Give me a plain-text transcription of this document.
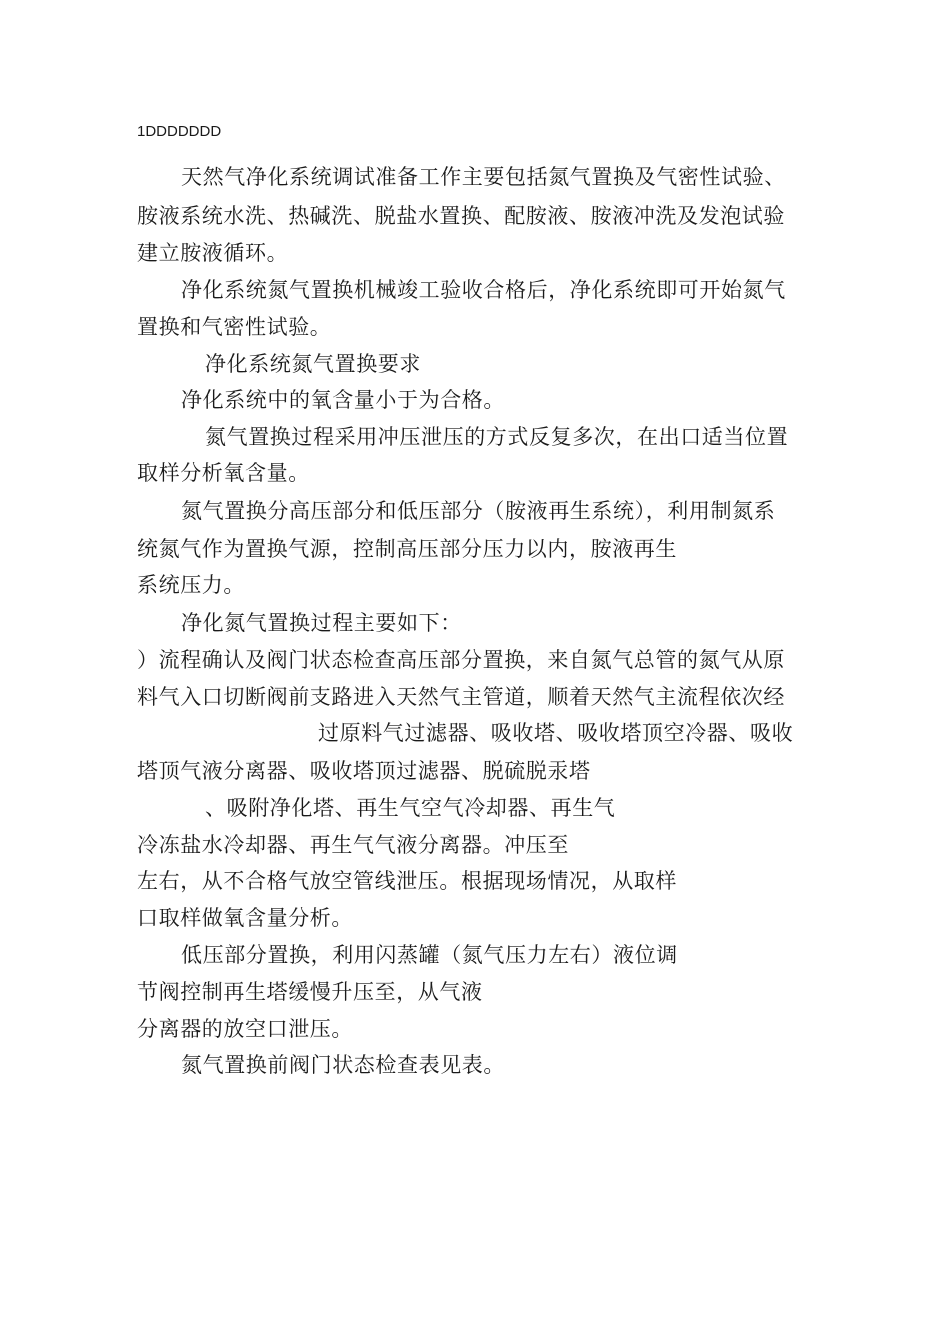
1DDDDDDD
天然气净化系统调试准备工作主要包括氮气置换及气密性试验、
胺液系统水洗、热碱洗、脱盐水置换、配胺液、胺液冲洗及发泡试验
建立胺液循环。
净化系统氮气置换机械竣工验收合格后，净化系统即可开始氮气
置换和气密性试验。
净化系统氮气置换要求
净化系统中的氧含量小于为合格。
氮气置换过程采用冲压泄压的方式反复多次，在出口适当位置
取样分析氧含量。
氮气置换分高压部分和低压部分（胺液再生系统），利用制氮系
统氮气作为置换气源，控制高压部分压力以内，胺液再生
系统压力。
净化氮气置换过程主要如下：
）流程确认及阀门状态检查高压部分置换，来自氮气总管的氮气从原
料气入口切断阀前支路进入天然气主管道，顺着天然气主流程依次经
过原料气过滤器、吸收塔、吸收塔顶空冷器、吸收
塔顶气液分离器、吸收塔顶过滤器、脱硫脱汞塔
、吸附净化塔、再生气空气冷却器、再生气
冷冻盐水冷却器、再生气气液分离器。冲压至
左右，从不合格气放空管线泄压。根据现场情况，从取样
口取样做氧含量分析。
低压部分置换，利用闪蒸罐（氮气压力左右）液位调
节阀控制再生塔缓慢升压至，从气液
分离器的放空口泄压。
氮气置换前阀门状态检查表见表。
